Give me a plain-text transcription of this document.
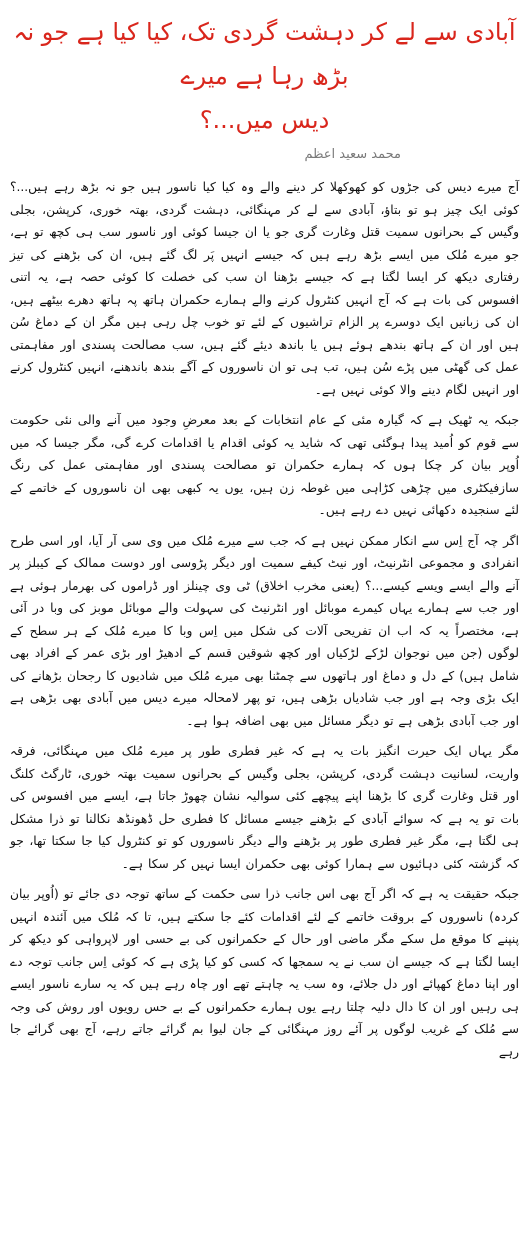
آبادی سے لے کر دہشت گردی تک، کیا کیا ہے جو نہ بڑھ رہا ہے میرے
دیس میں...؟
محمد سعید اعظم

آج میرے دیس کی جڑوں کو کھوکھلا کر دینے والے وہ کیا کیا ناسور ہیں جو نہ بڑھ رہے ہیں...؟ کوئی ایک چیز ہو تو بتاؤ، آبادی سے لے کر مہنگائی، دہشت گردی، بھتہ خوری، کرپشن، بجلی وگیس کے بحرانوں سمیت قتل وغارت گری جو یا ان جیسا کوئی اور ناسور سب ہی کچھ تو ہے، جو میرے مُلک میں ایسے بڑھ رہے ہیں کہ جیسے انہیں پَر لگ گئے ہیں، ان کی بڑھنے کی تیز رفتاری دیکھ کر ایسا لگتا ہے کہ جیسے بڑھنا ان سب کی خصلت کا کوئی حصہ ہے، یہ اتنی افسوس کی بات ہے کہ آج انہیں کنٹرول کرنے والے ہمارے حکمران ہاتھ پہ ہاتھ دھرے بیٹھے ہیں، ان کی زبانیں ایک دوسرے پر الزام تراشیوں کے لئے تو خوب چل رہی ہیں مگر ان کے دماغ سُن ہیں اور ان کے ہاتھ بندھے ہوئے ہیں یا باندھ دیئے گئے ہیں، سب مصالحت پسندی اور مفاہمتی عمل کی گھٹی میں پڑے سُن ہیں، تب ہی تو ان ناسوروں کے آگے بندھ باندھنے، انہیں کنٹرول کرنے اور انہیں لگام دینے والا کوئی نہیں ہے۔

جبکہ یہ ٹھیک ہے کہ گیارہ مئی کے عام انتخابات کے بعد معرضِ وجود میں آنے والی نئی حکومت سے قوم کو اُمید پیدا ہوگئی تھی کہ شاید یہ کوئی اقدام یا اقدامات کرے گی، مگر جیسا کہ میں اُوپر بیان کر چکا ہوں کہ ہمارے حکمران تو مصالحت پسندی اور مفاہمتی عمل کی رنگ سازفیکٹری میں چڑھی کڑاہی میں غوطہ زن ہیں، یوں یہ کبھی بھی ان ناسوروں کے خاتمے کے لئے سنجیدہ دکھائی نہیں دے رہے ہیں۔

اگر چہ آج اِس سے انکار ممکن نہیں ہے کہ جب سے میرے مُلک میں وی سی آر آیا، اور اسی طرح انفرادی و مجموعی انٹرنیٹ، اور نیٹ کیفے سمیت اور دیگر پڑوسی اور دوست ممالک کے کیبلز پر آنے والے ایسے ویسے کیسے...؟ (یعنی مخرب اخلاق) ٹی وی چینلز اور ڈراموں کی بھرمار ہوئی ہے اور جب سے ہمارے یہاں کیمرے موبائل اور انٹرنیٹ کی سہولت والے موبائل موبز کی وبا در آئی ہے، مختصراً یہ کہ اب ان تفریحی آلات کی شکل میں اِس وبا کا میرے مُلک کے ہر سطح کے لوگوں (جن میں نوجوان لڑکے لڑکیاں اور کچھ شوقین قسم کے ادھیڑ اور بڑی عمر کے افراد بھی شامل ہیں) کے دل و دماغ اور ہاتھوں سے چمٹنا بھی میرے مُلک میں شادیوں کا رجحان بڑھانے کی ایک بڑی وجہ ہے اور جب شادیاں بڑھی ہیں، تو پھر لامحالہ میرے دیس میں آبادی بھی بڑھی ہے اور جب آبادی بڑھی ہے تو دیگر مسائل میں بھی اضافہ ہوا ہے۔

مگر یہاں ایک حیرت انگیز بات یہ ہے کہ غیر فطری طور پر میرے مُلک میں مہنگائی، فرقہ واریت، لسانیت دہشت گردی، کرپشن، بجلی وگیس کے بحرانوں سمیت بھتہ خوری، ٹارگٹ کلنگ اور قتل وغارت گری کا بڑھنا اپنے پیچھے کئی سوالیہ نشان چھوڑ جاتا ہے، ایسے میں افسوس کی بات تو یہ ہے کہ سوائے آبادی کے بڑھنے جیسے مسائل کا فطری حل ڈھونڈھ نکالنا تو ذرا مشکل ہی لگتا ہے، مگر غیر فطری طور پر بڑھنے والے دیگر ناسوروں کو تو کنٹرول کیا جا سکتا تھا، جو کہ گزشتہ کئی دہائیوں سے ہمارا کوئی بھی حکمران ایسا نہیں کر سکا ہے۔

جبکہ حقیقت یہ ہے کہ اگر آج بھی اس جانب ذرا سی حکمت کے ساتھ توجہ دی جائے تو (اُوپر بیان کردہ) ناسوروں کے بروقت خاتمے کے لئے اقدامات کئے جا سکتے ہیں، تا کہ مُلک میں آئندہ انہیں پنپنے کا موقع مل سکے مگر ماضی اور حال کے حکمرانوں کی بے حسی اور لاپرواہی کو دیکھ کر ایسا لگتا ہے کہ جیسے ان سب نے یہ سمجھا کہ کسی کو کیا پڑی ہے کہ کوئی اِس جانب توجہ دے اور اپنا دماغ کھپائے اور دل جلائے، وہ سب یہ چاہتے تھے اور چاہ رہے ہیں کہ یہ سارے ناسور ایسے ہی رہیں اور ان کا دال دلیہ چلتا رہے یوں ہمارے حکمرانوں کے بے حس رویوں اور روش کی وجہ سے مُلک کے غریب لوگوں پر آئے روز مہنگائی کے جان لیوا بم گرائے جاتے رہے، آج بھی گرائے جا رہے
